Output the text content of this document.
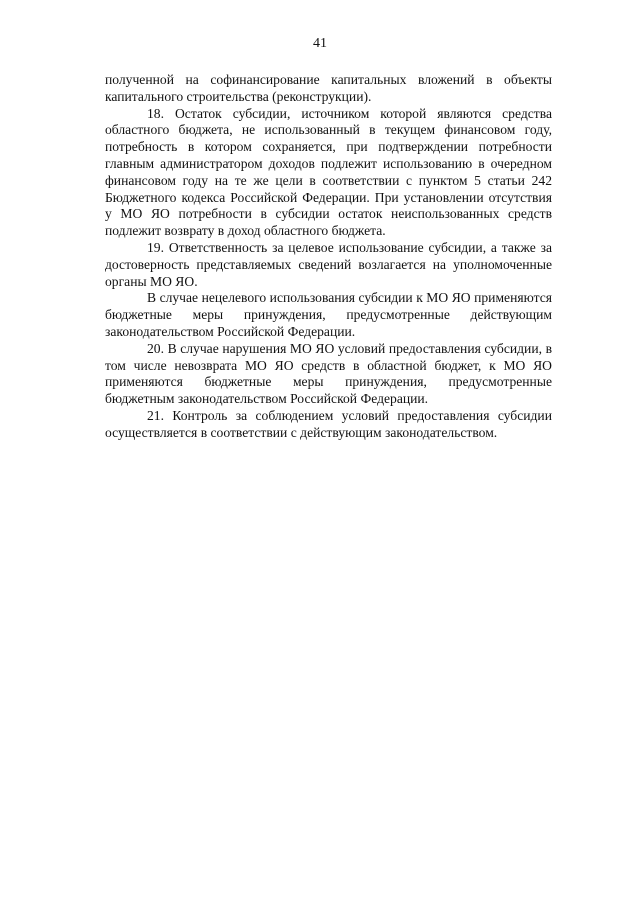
41

полученной на софинансирование капитальных вложений в объекты капитального строительства (реконструкции).

18. Остаток субсидии, источником которой являются средства областного бюджета, не использованный в текущем финансовом году, потребность в котором сохраняется, при подтверждении потребности главным администратором доходов подлежит использованию в очередном финансовом году на те же цели в соответствии с пунктом 5 статьи 242 Бюджетного кодекса Российской Федерации. При установлении отсутствия у МО ЯО потребности в субсидии остаток неиспользованных средств подлежит возврату в доход областного бюджета.

19. Ответственность за целевое использование субсидии, а также за достоверность представляемых сведений возлагается на уполномоченные органы МО ЯО.

В случае нецелевого использования субсидии к МО ЯО применяются бюджетные меры принуждения, предусмотренные действующим законодательством Российской Федерации.

20. В случае нарушения МО ЯО условий предоставления субсидии, в том числе невозврата МО ЯО средств в областной бюджет, к МО ЯО применяются бюджетные меры принуждения, предусмотренные бюджетным законодательством Российской Федерации.

21. Контроль за соблюдением условий предоставления субсидии осуществляется в соответствии с действующим законодательством.
